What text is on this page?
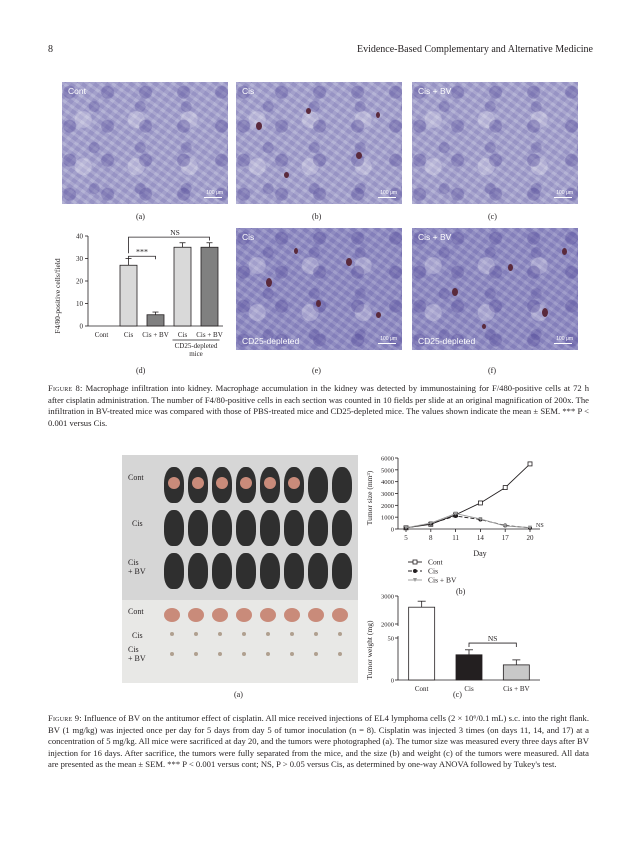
8	Evidence-Based Complementary and Alternative Medicine
Cont
100 μm
Cis
100 μm
Cis + BV
100 μm
(a)	(b)	(c)
F4/80-positive cells/field	0
10
20
30
40
Cont Cis Cis + BV Cis Cis + BV
***
NS
CD25-depleted
mice
(d)
Cis
CD25-depleted	100 μm
Cis + BV
CD25-depleted	100 μm
(e)	(f)
Figure 8: Macrophage infiltration into kidney. Macrophage accumulation in the kidney was detected by immunostaining for F/480-positive cells at 72 h after cisplatin administration. The number of F4/80-positive cells in each section was counted in 10 fields per slide at an original magnification of 200x. The infiltration in BV-treated mice was compared with those of PBS-treated mice and CD25-depleted mice. The values shown indicate the mean ± SEM. *** P < 0.001 versus Cis.
Cont
Cis
Cis
+ BV
Cont
Cis
Cis
+ BV
(a)
Tumor size (mm³)
Day
0
1000
2000
3000
4000
5000
6000
5	8	11	14	17	20
NS
Cont
Cis
Cis + BV
(b)
Tumor weight (mg)
0
50
2000
3000
Cont	Cis	Cis + BV
NS
(c)
Figure 9: Influence of BV on the antitumor effect of cisplatin. All mice received injections of EL4 lymphoma cells (2 × 10⁶/0.1 mL) s.c. into the right flank. BV (1 mg/kg) was injected once per day for 5 days from day 5 of tumor inoculation (n = 8). Cisplatin was injected 3 times (on days 11, 14, and 17) at a concentration of 5 mg/kg. All mice were sacrificed at day 20, and the tumors were photographed (a). The tumor size was measured every three days after BV injection for 16 days. After sacrifice, the tumors were fully separated from the mice, and the size (b) and weight (c) of the tumors were measured. All data are presented as the mean ± SEM. *** P < 0.001 versus cont; NS, P > 0.05 versus Cis, as determined by one-way ANOVA followed by Tukey's test.
